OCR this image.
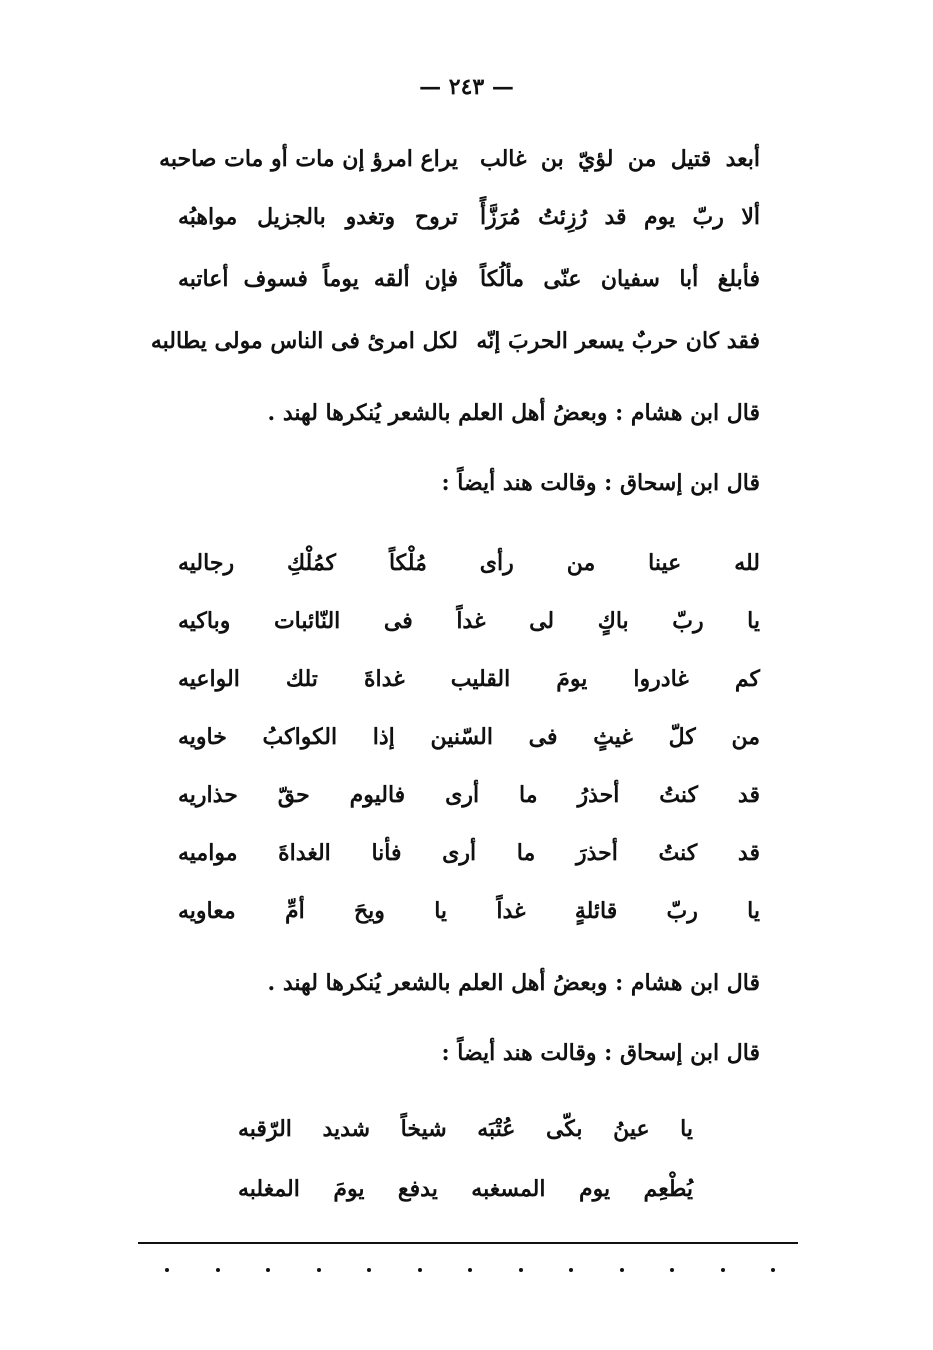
— ٢٤٣ —
أبعد قتيل من لؤيّ بن غالب
يراع امرؤ إن مات أو مات صاحبه
ألا ربّ يوم قد رُزِئتُ مُرَزَّأً
تروح وتغدو بالجزيل مواهبُه
فأبلغ أبا سفيان عنّى مألُكاً
فإن ألقه يوماً فسوف أعاتبه
فقد كان حربٌ يسعر الحربَ إنّه
لكل امرئ فى الناس مولى يطالبه
قال ابن هشام : وبعضُ أهل العلم بالشعر يُنكرها لهند .
قال ابن إسحاق : وقالت هند أيضاً :
لله عينا من رأى مُلْكاً كمُلْكِ رجاليه
يا ربّ باكٍ لى غداً فى النّائبات وباكيه
كم غادروا يومَ القليب غداةَ تلك الواعيه
من كلّ غيثٍ فى السّنين إذا الكواكبُ خاويه
قد كنتُ أحذرُ ما أرى فاليوم حقّ حذاريه
قد كنتُ أحذرَ ما أرى فأنا الغداةَ مواميه
يا ربّ قائلةٍ غداً يا ويحَ أمِّ معاويه
قال ابن هشام : وبعضُ أهل العلم بالشعر يُنكرها لهند .
قال ابن إسحاق : وقالت هند أيضاً :
يا عينُ بكّى عُتْبَه شيخاً شديد الرّقبه
يُطْعِم يوم المسغبه يدفع يومَ المغلبه
